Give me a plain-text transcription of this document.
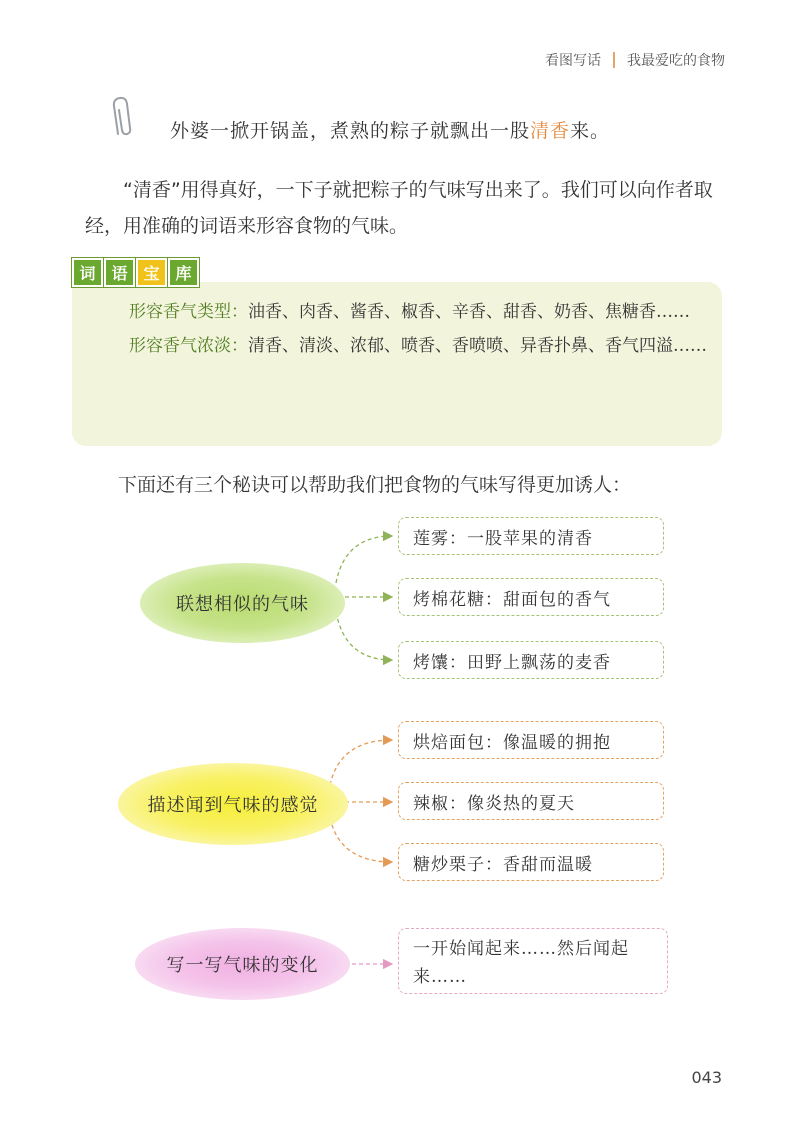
看图写话 我最爱吃的食物
外婆一掀开锅盖，煮熟的粽子就飘出一股清香来。
“清香”用得真好，一下子就把粽子的气味写出来了。我们可以向作者取经，用准确的词语来形容食物的气味。
词 语 宝 库

形容香气类型：油香、肉香、酱香、椒香、辛香、甜香、奶香、焦糖香……

形容香气浓淡：清香、清淡、浓郁、喷香、香喷喷、异香扑鼻、香气四溢……

下面还有三个秘诀可以帮助我们把食物的气味写得更加诱人：
联想相似的气味
描述闻到气味的感觉
写一写气味的变化
莲雾：一股苹果的清香
烤棉花糖：甜面包的香气
烤馕：田野上飘荡的麦香
烘焙面包：像温暖的拥抱
辣椒：像炎热的夏天
糖炒栗子：香甜而温暖
一开始闻起来……然后闻起来……
043
